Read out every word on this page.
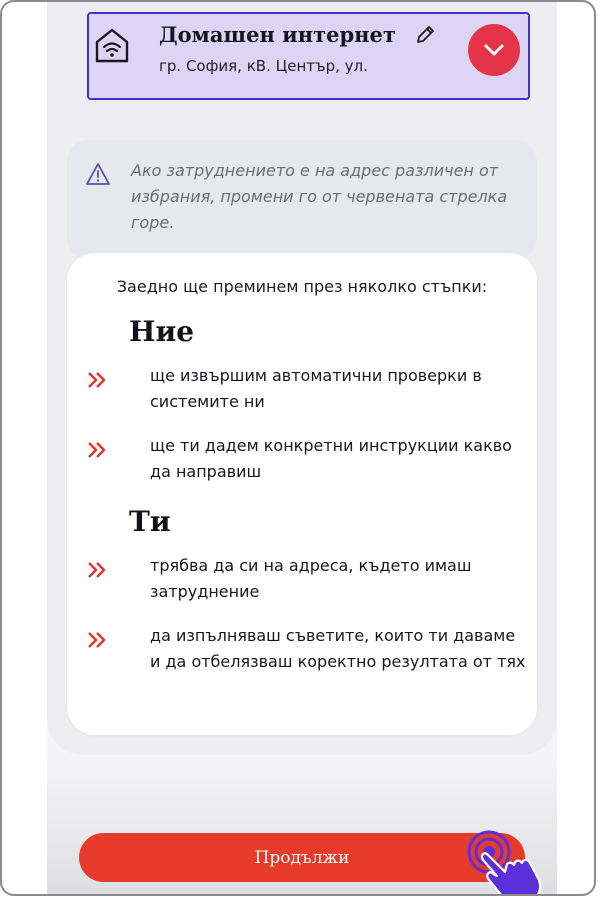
Домашен интернет
гр. София, кВ. Център, ул.
Ако затруднението е на адрес различен от избрания, промени го от червената стрелка горе.
Заедно ще преминем през няколко стъпки:
Ние
ще извършим автоматични проверки в системите ни
ще ти дадем конкретни инструкции какво да направиш
Ти
трябва да си на адреса, където имаш затруднение
да изпълняваш съветите, които ти даваме и да отбелязваш коректно резултата от тях
Продължи
